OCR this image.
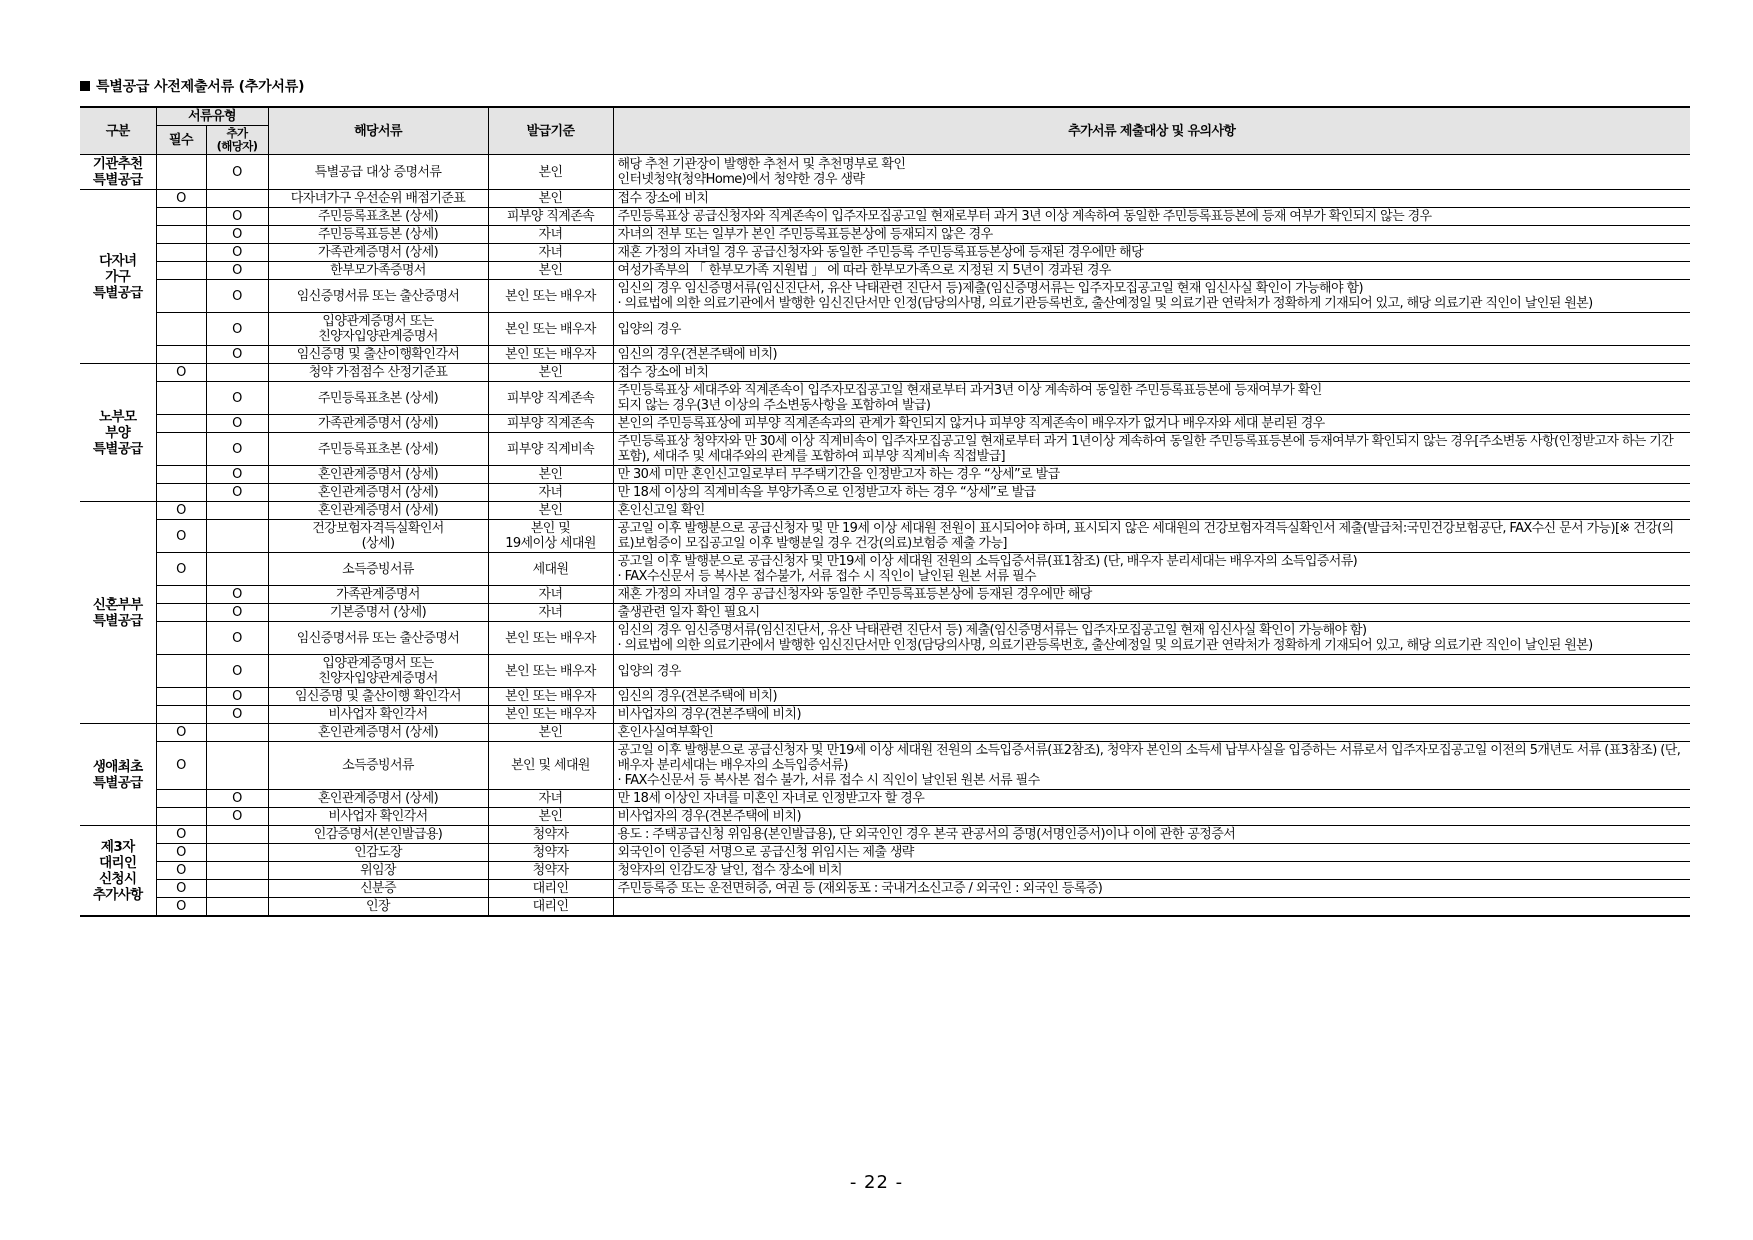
특별공급 사전제출서류 (추가서류)
구분	서류유형		해당서류	발급기준	추가서류 제출대상 및 유의사항
	필수	추가
(해당자)			
기관추천
특별공급		O	특별공급 대상 증명서류	본인	해당 추천 기관장이 발행한 추천서 및 추천명부로 확인
인터넷청약(청약Home)에서 청약한 경우 생략

다자녀
가구
특별공급	O		다자녀가구 우선순위 배점기준표	본인	접수 장소에 비치

		O	주민등록표초본 (상세)	피부양 직계존속	주민등록표상 공급신청자와 직계존속이 입주자모집공고일 현재로부터 과거 3년 이상 계속하여 동일한 주민등록표등본에 등재 여부가 확인되지 않는 경우

		O	주민등록표등본 (상세)	자녀	자녀의 전부 또는 일부가 본인 주민등록표등본상에 등재되지 않은 경우

		O	가족관계증명서 (상세)	자녀	재혼 가정의 자녀일 경우 공급신청자와 동일한 주민등록 주민등록표등본상에 등재된 경우에만 해당

		O	한부모가족증명서	본인	여성가족부의 「 한부모가족 지원법 」 에 따라 한부모가족으로 지정된 지 5년이 경과된 경우

		O	임신증명서류 또는 출산증명서	본인 또는 배우자	임신의 경우 임신증명서류(임신진단서, 유산 낙태관련 진단서 등)제출(임신증명서류는 입주자모집공고일 현재 임신사실 확인이 가능해야 함)
· 의료법에 의한 의료기관에서 발행한 임신진단서만 인정(담당의사명, 의료기관등록번호, 출산예정일 및 의료기관 연락처가 정확하게 기재되어 있고, 해당 의료기관 직인이 날인된 원본)

		O	입양관계증명서 또는
친양자입양관계증명서	본인 또는 배우자	입양의 경우

		O	임신증명 및 출산이행확인각서	본인 또는 배우자	임신의 경우(견본주택에 비치)

노부모
부양
특별공급	O		청약 가점점수 산정기준표	본인	접수 장소에 비치

		O	주민등록표초본 (상세)	피부양 직계존속	주민등록표상 세대주와 직계존속이 입주자모집공고일 현재로부터 과거3년 이상 계속하여 동일한 주민등록표등본에 등재여부가 확인
되지 않는 경우(3년 이상의 주소변동사항을 포함하여 발급)

		O	가족관계증명서 (상세)	피부양 직계존속	본인의 주민등록표상에 피부양 직계존속과의 관계가 확인되지 않거나 피부양 직계존속이 배우자가 없거나 배우자와 세대 분리된 경우

		O	주민등록표초본 (상세)	피부양 직계비속	주민등록표상 청약자와 만 30세 이상 직계비속이 입주자모집공고일 현재로부터 과거 1년이상 계속하여 동일한 주민등록표등본에 등재여부가 확인되지 않는 경우[주소변동 사항(인정받고자 하는 기간 포함), 세대주 및 세대주와의 관계를 포함하여 피부양 직계비속 직접발급]

		O	혼인관계증명서 (상세)	본인	만 30세 미만 혼인신고일로부터 무주택기간을 인정받고자 하는 경우 “상세”로 발급

		O	혼인관계증명서 (상세)	자녀	만 18세 이상의 직계비속을 부양가족으로 인정받고자 하는 경우 “상세”로 발급

신혼부부
특별공급	O		혼인관계증명서 (상세)	본인	혼인신고일 확인

	O		건강보험자격득실확인서
(상세)	본인 및
19세이상 세대원	공고일 이후 발행분으로 공급신청자 및 만 19세 이상 세대원 전원이 표시되어야 하며, 표시되지 않은 세대원의 건강보험자격득실확인서 제출(발급처:국민건강보험공단, FAX수신 문서 가능)[※ 건강(의료)보험증이 모집공고일 이후 발행분일 경우 건강(의료)보험증 제출 가능]

	O		소득증빙서류	세대원	공고일 이후 발행분으로 공급신청자 및 만19세 이상 세대원 전원의 소득입증서류(표1참조) (단, 배우자 분리세대는 배우자의 소득입증서류)
· FAX수신문서 등 복사본 접수불가, 서류 접수 시 직인이 날인된 원본 서류 필수

		O	가족관계증명서	자녀	재혼 가정의 자녀일 경우 공급신청자와 동일한 주민등록표등본상에 등재된 경우에만 해당

		O	기본증명서 (상세)	자녀	출생관련 일자 확인 필요시

		O	임신증명서류 또는 출산증명서	본인 또는 배우자	임신의 경우 임신증명서류(임신진단서, 유산 낙태관련 진단서 등) 제출(임신증명서류는 입주자모집공고일 현재 임신사실 확인이 가능해야 함)
· 의료법에 의한 의료기관에서 발행한 임신진단서만 인정(담당의사명, 의료기관등록번호, 출산예정일 및 의료기관 연락처가 정확하게 기재되어 있고, 해당 의료기관 직인이 날인된 원본)

		O	입양관계증명서 또는
친양자입양관계증명서	본인 또는 배우자	입양의 경우

		O	임신증명 및 출산이행 확인각서	본인 또는 배우자	임신의 경우(견본주택에 비치)

		O	비사업자 확인각서	본인 또는 배우자	비사업자의 경우(견본주택에 비치)

생애최초
특별공급	O		혼인관계증명서 (상세)	본인	혼인사실여부확인

	O		소득증빙서류	본인 및 세대원	공고일 이후 발행분으로 공급신청자 및 만19세 이상 세대원 전원의 소득입증서류(표2참조), 청약자 본인의 소득세 납부사실을 입증하는 서류로서 입주자모집공고일 이전의 5개년도 서류 (표3참조) (단, 배우자 분리세대는 배우자의 소득입증서류)
· FAX수신문서 등 복사본 접수 불가, 서류 접수 시 직인이 날인된 원본 서류 필수

		O	혼인관계증명서 (상세)	자녀	만 18세 이상인 자녀를 미혼인 자녀로 인정받고자 할 경우

		O	비사업자 확인각서	본인	비사업자의 경우(견본주택에 비치)

제3자
대리인
신청시
추가사항	O		인감증명서(본인발급용)	청약자	용도 : 주택공급신청 위임용(본인발급용), 단 외국인인 경우 본국 관공서의 증명(서명인증서)이나 이에 관한 공정증서

	O		인감도장	청약자	외국인이 인증된 서명으로 공급신청 위임시는 제출 생략

	O		위임장	청약자	청약자의 인감도장 날인, 접수 장소에 비치

	O		신분증	대리인	주민등록증 또는 운전면허증, 여권 등 (재외동포 : 국내거소신고증 / 외국인 : 외국인 등록증)

	O		인장	대리인	
- 22 -
